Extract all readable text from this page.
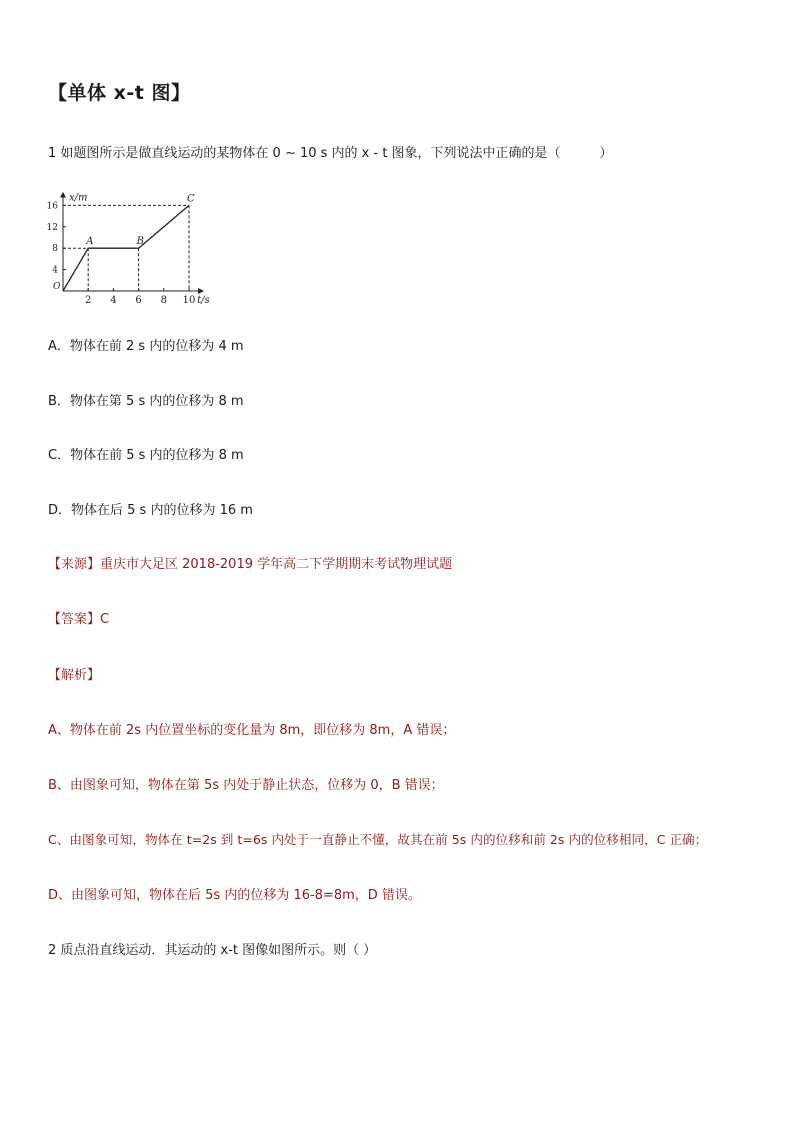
【单体 x-t 图】
1 如题图所示是做直线运动的某物体在 0 ~ 10 s 内的 x - t 图象，下列说法中正确的是（　　　）
x/m
t/s
O
2 4 6 8 10
4
8
12
16
A	B
C
A．物体在前 2 s 内的位移为 4 m
B．物体在第 5 s 内的位移为 8 m
C．物体在前 5 s 内的位移为 8 m
D．物体在后 5 s 内的位移为 16 m
【来源】重庆市大足区 2018-2019 学年高二下学期期末考试物理试题
【答案】C
【解析】
A、物体在前 2s 内位置坐标的变化量为 8m，即位移为 8m，A 错误；
B、由图象可知，物体在第 5s 内处于静止状态，位移为 0，B 错误；
C、由图象可知，物体在 t=2s 到 t=6s 内处于一直静止不懂，故其在前 5s 内的位移和前 2s 内的位移相同，C 正确；
D、由图象可知，物体在后 5s 内的位移为 16-8=8m，D 错误。
2 质点沿直线运动．其运动的 x-t 图像如图所示。则（ ）
